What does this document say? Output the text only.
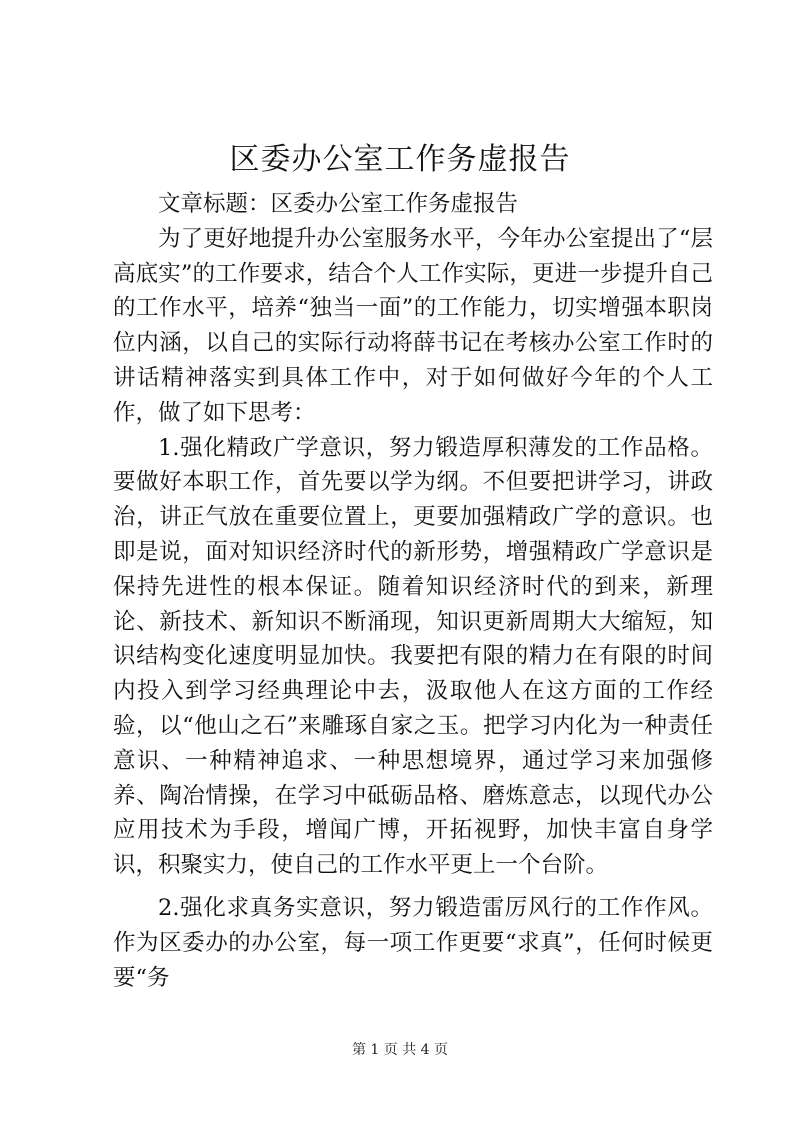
区委办公室工作务虚报告

文章标题：区委办公室工作务虚报告

为了更好地提升办公室服务水平，今年办公室提出了“层高底实”的工作要求，结合个人工作实际，更进一步提升自己的工作水平，培养“独当一面”的工作能力，切实增强本职岗位内涵，以自己的实际行动将薛书记在考核办公室工作时的讲话精神落实到具体工作中，对于如何做好今年的个人工作，做了如下思考：

1.强化精政广学意识，努力锻造厚积薄发的工作品格。要做好本职工作，首先要以学为纲。不但要把讲学习，讲政治，讲正气放在重要位置上，更要加强精政广学的意识。也即是说，面对知识经济时代的新形势，增强精政广学意识是保持先进性的根本保证。随着知识经济时代的到来，新理论、新技术、新知识不断涌现，知识更新周期大大缩短，知识结构变化速度明显加快。我要把有限的精力在有限的时间内投入到学习经典理论中去，汲取他人在这方面的工作经验，以“他山之石”来雕琢自家之玉。把学习内化为一种责任意识、一种精神追求、一种思想境界，通过学习来加强修养、陶冶情操，在学习中砥砺品格、磨炼意志，以现代办公应用技术为手段，增闻广博，开拓视野，加快丰富自身学识，积聚实力，使自己的工作水平更上一个台阶。

2.强化求真务实意识，努力锻造雷厉风行的工作作风。作为区委办的办公室，每一项工作更要“求真”，任何时候更要“务

第 1 页 共 4 页
